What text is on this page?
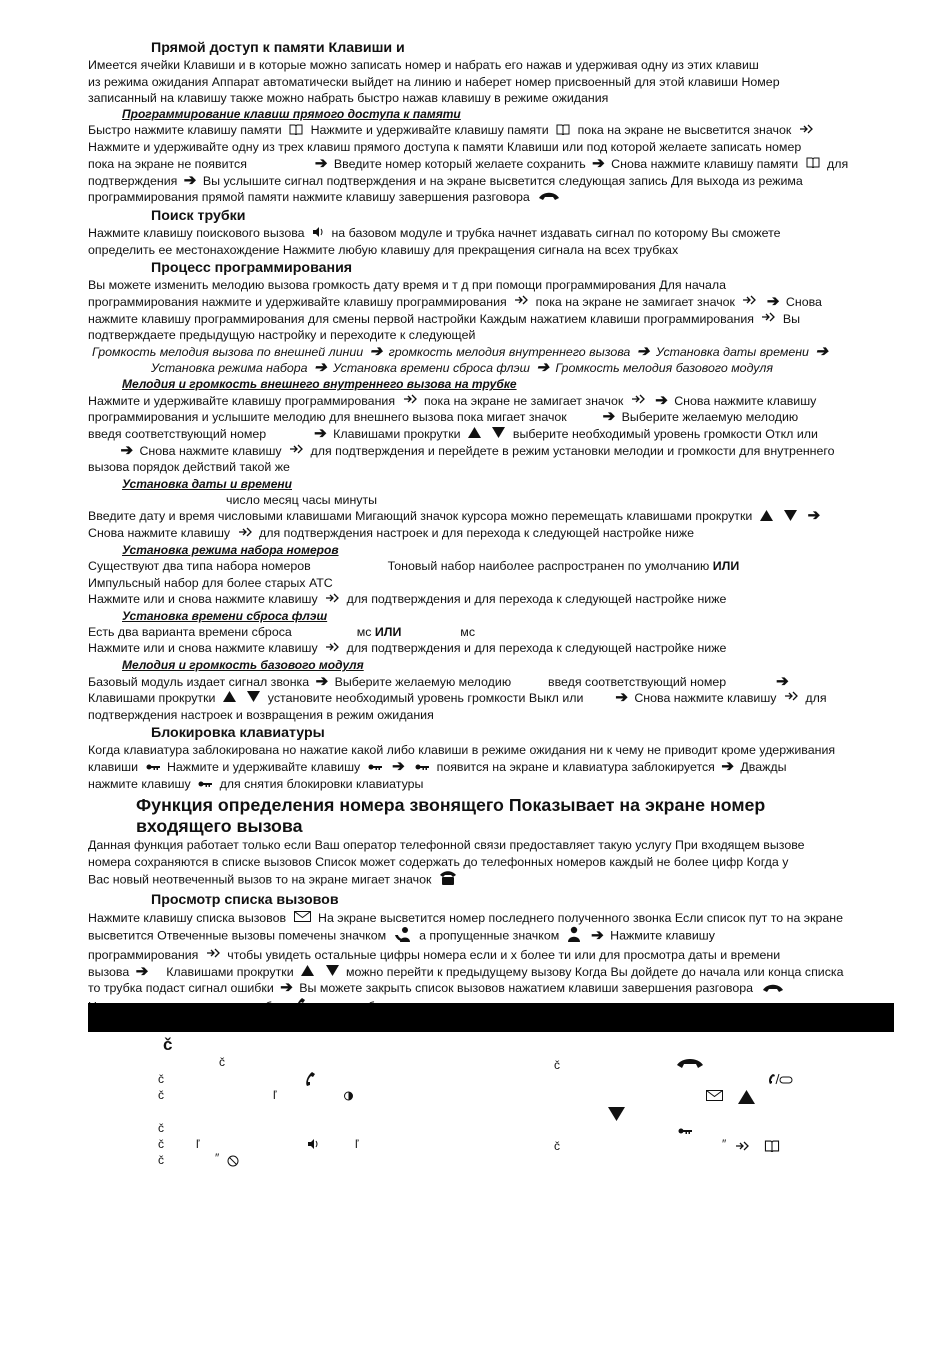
Прямой доступ к памяти Клавиши и
Имеется ячейки Клавиши и в которые можно записать номер и набрать его нажав и удерживая одну из этих клавиш
из режима ожидания Аппарат автоматически выйдет на линию и наберет номер присвоенный для этой клавиши Номер
записанный на клавишу также можно набрать быстро нажав клавишу в режиме ожидания
Программирование клавиш прямого доступа к памяти
Быстро нажмите клавишу памяти Нажмите и удерживайте клавишу памяти пока на экране не высветится значок
Нажмите и удерживайте одну из трех клавиш прямого доступа к памяти Клавиши или под которой желаете записать номер
пока на экране не появится	➔ Введите номер который желаете сохранить ➔ Снова нажмите клавишу памяти для
подтверждения ➔ Вы услышите сигнал подтверждения и на экране высветится следующая запись Для выхода из режима
программирования прямой памяти нажмите клавишу завершения разговора
Поиск трубки
Нажмите клавишу поискового вызова на базовом модуле и трубка начнет издавать сигнал по которому Вы сможете
определить ее местонахождение Нажмите любую клавишу для прекращения сигнала на всех трубках
Процесс программирования
Вы можете изменить мелодию вызова громкость дату время и т д при помощи программирования Для начала
программирования нажмите и удерживайте клавишу программирования пока на экране не замигает значок ➔ Снова
нажмите клавишу программирования для смены первой настройки Каждым нажатием клавиши программирования Вы
подтверждаете предыдущую настройку и переходите к следующей
Громкость мелодия вызова по внешней линии ➔ громкость мелодия внутреннего вызова ➔ Установка даты времени ➔
Установка режима набора ➔ Установка времени сброса флэш ➔ Громкость мелодия базового модуля
Мелодия и громкость внешнего внутреннего вызова на трубке
Нажмите и удерживайте клавишу программирования пока на экране не замигает значок ➔ Снова нажмите клавишу
программирования и услышите мелодию для внешнего вызова пока мигает значок ➔ Выберите желаемую мелодию
введя соответствующий номер	➔ Клавишами прокрутки	выберите необходимый уровень громкости Откл или
➔ Снова нажмите клавишу для подтверждения и перейдете в режим установки мелодии и громкости для внутреннего
вызова порядок действий такой же
Установка даты и времени
число месяц часы минуты
Введите дату и время числовыми клавишами Мигающий значок курсора можно перемещать клавишами прокрутки	➔
Снова нажмите клавишу для подтверждения настроек и для перехода к следующей настройке ниже
Установка режима набора номеров
Существуют два типа набора номеров	Тоновый набор наиболее распространен по умолчанию ИЛИ
Импульсный набор для более старых АТС
Нажмите или и снова нажмите клавишу для подтверждения и для перехода к следующей настройке ниже
Установка времени сброса флэш
Есть два варианта времени сброса	мс ИЛИ	мс
Нажмите или и снова нажмите клавишу для подтверждения и для перехода к следующей настройке ниже
Мелодия и громкость базового модуля
Базовый модуль издает сигнал звонка ➔ Выберите желаемую мелодию	введя соответствующий номер	➔
Клавишами прокрутки	установите необходимый уровень громкости Выкл или ➔ Снова нажмите клавишу для
подтверждения настроек и возвращения в режим ожидания
Блокировка клавиатуры
Когда клавиатура заблокирована но нажатие какой либо клавиши в режиме ожидания ни к чему не приводит кроме удерживания
клавиши Нажмите и удерживайте клавишу ➔	появится на экране и клавиатура заблокируется ➔ Дважды
нажмите клавишу для снятия блокировки клавиатуры
Функция определения номера звонящего Показывает на экране номер
входящего вызова
Данная функция работает только если Ваш оператор телефонной связи предоставляет такую услугу При входящем вызове
номера сохраняются в списке вызовов Список может содержать до телефонных номеров каждый не более цифр Когда у
Вас новый неотвеченный вызов то на экране мигает значок
Просмотр списка вызовов
Нажмите клавишу списка вызовов	На экране высветится номер последнего полученного звонка Если список пут то на экране
высветится Отвеченные вызовы помечены значком	а пропущенные значком ➔ Нажмите клавишу
программирования чтобы увидеть остальные цифры номера если и х более ти или для просмотра даты и времени
вызова ➔ Клавишами прокрутки	можно перейти к предыдущему вызову Когда Вы дойдете до начала или конца списка
то трубка подаст сигнал ошибки ➔ Вы можете закрыть список вызовов нажатием клавиши завершения разговора
č
č
č
č	ľ
č
č	ľ	ľ
č	″
č
č	″
